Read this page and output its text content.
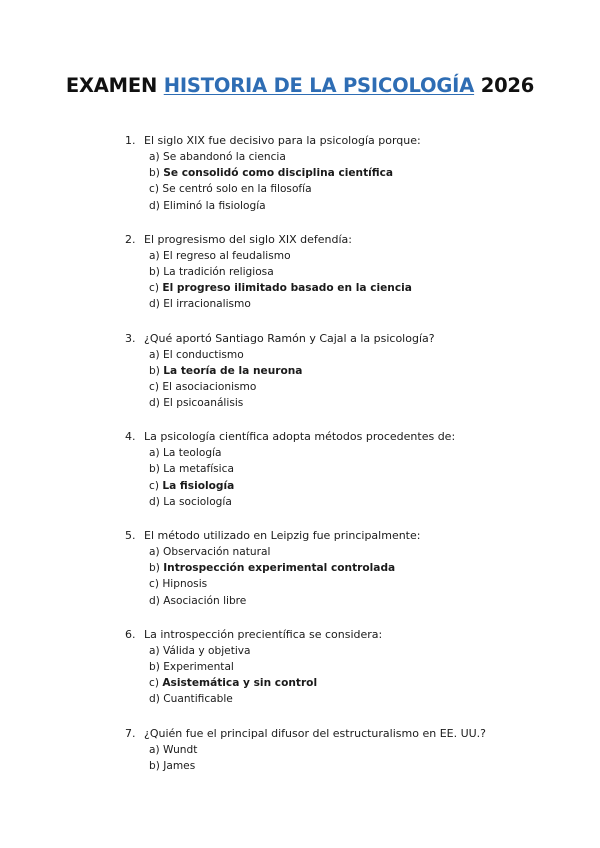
EXAMEN HISTORIA DE LA PSICOLOGÍA 2026
1. El siglo XIX fue decisivo para la psicología porque:
a) Se abandonó la ciencia
b) Se consolidó como disciplina científica
c) Se centró solo en la filosofía
d) Eliminó la fisiología
2. El progresismo del siglo XIX defendía:
a) El regreso al feudalismo
b) La tradición religiosa
c) El progreso ilimitado basado en la ciencia
d) El irracionalismo
3. ¿Qué aportó Santiago Ramón y Cajal a la psicología?
a) El conductismo
b) La teoría de la neurona
c) El asociacionismo
d) El psicoanálisis
4. La psicología científica adopta métodos procedentes de:
a) La teología
b) La metafísica
c) La fisiología
d) La sociología
5. El método utilizado en Leipzig fue principalmente:
a) Observación natural
b) Introspección experimental controlada
c) Hipnosis
d) Asociación libre
6. La introspección precientífica se considera:
a) Válida y objetiva
b) Experimental
c) Asistemática y sin control
d) Cuantificable
7. ¿Quién fue el principal difusor del estructuralismo en EE. UU.?
a) Wundt
b) James
